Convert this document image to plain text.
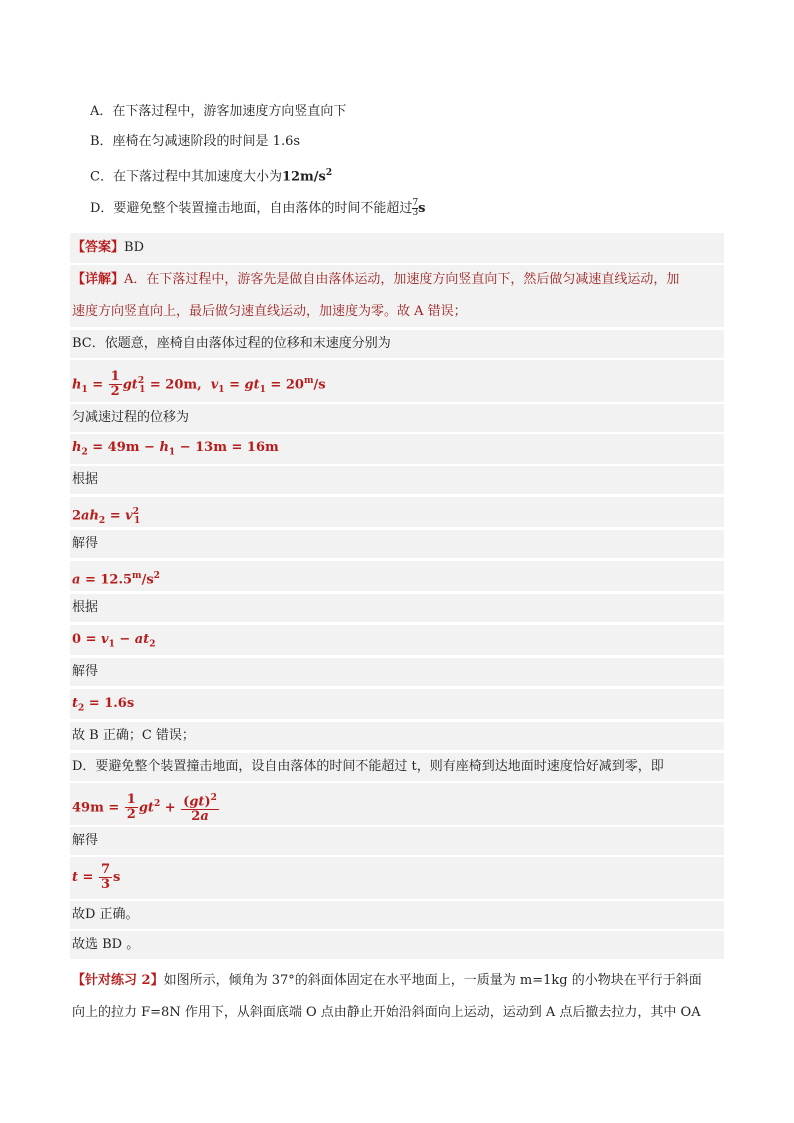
A．在下落过程中，游客加速度方向竖直向下
B．座椅在匀减速阶段的时间是 1.6s
C．在下落过程中其加速度大小为$12m/s^2$
D．要避免整个装置撞击地面，自由落体的时间不能超过 $\frac{7}{3}$ s
【答案】BD
【详解】A．在下落过程中，游客先是做自由落体运动，加速度方向竖直向下，然后做匀减速直线运动，加
速度方向竖直向上，最后做匀速直线运动，加速度为零。故 A 错误；
BC．依题意，座椅自由落体过程的位移和末速度分别为
$h_1 = \frac{1}{2} gt^2_1 = 20m$,  $v_1 = gt_1 = 20^m/s$
匀减速过程的位移为
$h_2 = 49m - h_1 - 13m = 16m$
根据
$2ah_2 = v^2_1$
解得
$a = 12.5^m/s^2$
根据
$0 = v_1 - at_2$
解得
$t_2 = 1.6s$
故 B 正确；C 错误；
D．要避免整个装置撞击地面，设自由落体的时间不能超过 t，则有座椅到达地面时速度恰好减到零，即
$49m = \frac{1}{2} gt^2 + \frac{(gt)^2}{2a}$
解得
$t = \frac{7}{3}$ s
故D 正确。
故选 BD 。
【针对练习 2】如图所示，倾角为 37°的斜面体固定在水平地面上，一质量为 m=1kg 的小物块在平行于斜面
向上的拉力 F=8N 作用下，从斜面底端 O 点由静止开始沿斜面向上运动，运动到 A 点后撤去拉力，其中 OA
